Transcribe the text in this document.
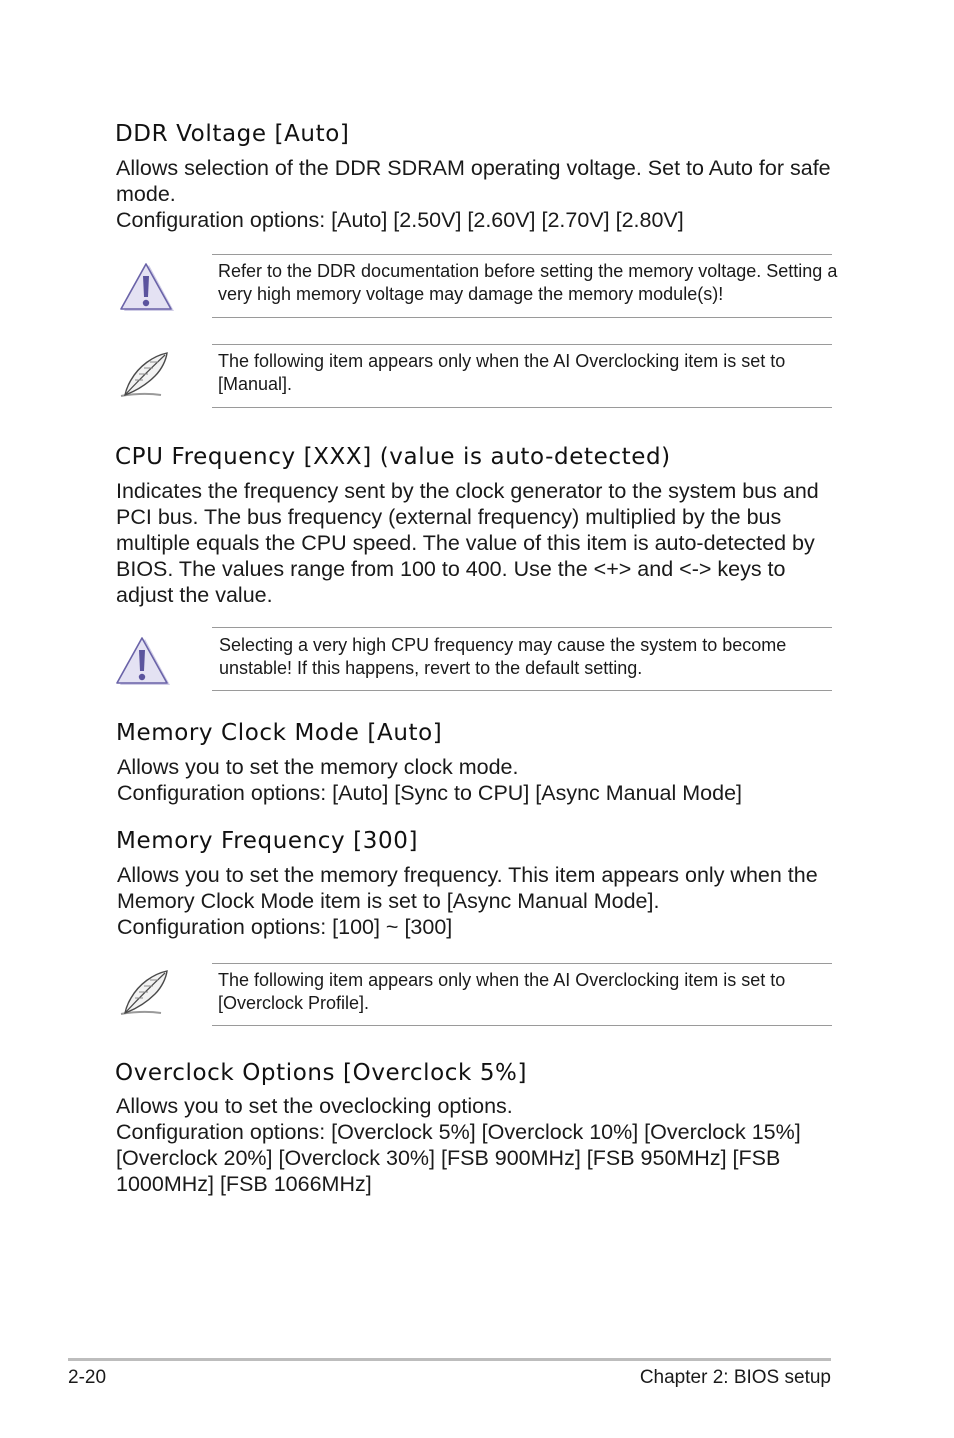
DDR Voltage [Auto]

Allows selection of the DDR SDRAM operating voltage. Set to Auto for safe mode.

Configuration options: [Auto] [2.50V] [2.60V] [2.70V] [2.80V]

Refer to the DDR documentation before setting the memory voltage. Setting a very high memory voltage may damage the memory module(s)!
The following item appears only when the AI Overclocking item is set to [Manual].
CPU Frequency [XXX] (value is auto-detected)

Indicates the frequency sent by the clock generator to the system bus and PCI bus. The bus frequency (external frequency) multiplied by the bus multiple equals the CPU speed. The value of this item is auto-detected by BIOS. The values range from 100 to 400. Use the <+> and <-> keys to adjust the value.

Selecting a very high CPU frequency may cause the system to become unstable! If this happens, revert to the default setting.
Memory Clock Mode [Auto]

Allows you to set the memory clock mode.

Configuration options: [Auto] [Sync to CPU] [Async Manual Mode]

Memory Frequency [300]

Allows you to set the memory frequency. This item appears only when the Memory Clock Mode item is set to [Async Manual Mode].

Configuration options: [100] ~ [300]

The following item appears only when the AI Overclocking item is set to [Overclock Profile].
Overclock Options [Overclock 5%]

Allows you to set the oveclocking options.

Configuration options: [Overclock 5%] [Overclock 10%] [Overclock 15%] [Overclock 20%] [Overclock 30%] [FSB 900MHz] [FSB 950MHz] [FSB 1000MHz] [FSB 1066MHz]

2-20	Chapter 2: BIOS setup
